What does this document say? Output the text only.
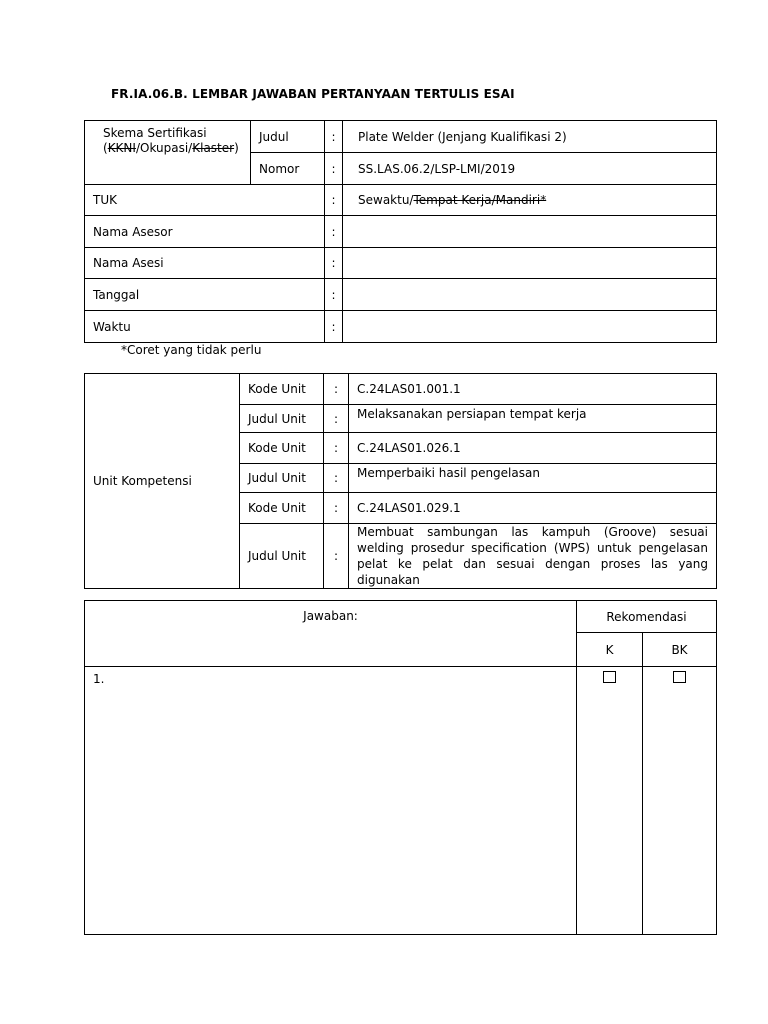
FR.IA.06.B. LEMBAR JAWABAN PERTANYAAN TERTULIS ESAI
Skema Sertifikasi
(KKNI/Okupasi/Klaster)	Judul	:	Plate Welder (Jenjang Kualifikasi 2)
	Nomor	:	SS.LAS.06.2/LSP-LMI/2019
TUK		:	Sewaktu/Tempat Kerja/Mandiri*
Nama Asesor		:	
Nama Asesi		:	
Tanggal		:	
Waktu		:	
*Coret yang tidak perlu
Unit Kompetensi	Kode Unit	:	C.24LAS01.001.1
	Judul Unit	:	Melaksanakan persiapan tempat kerja
	Kode Unit	:	C.24LAS01.026.1
	Judul Unit	:	Memperbaiki hasil pengelasan
	Kode Unit	:	C.24LAS01.029.1
	Judul Unit	:	Membuat sambungan las kampuh (Groove) sesuai welding prosedur specification (WPS) untuk pengelasan pelat ke pelat dan sesuai dengan proses las yang digunakan
Jawaban:	Rekomendasi	
	K	BK
1.		
